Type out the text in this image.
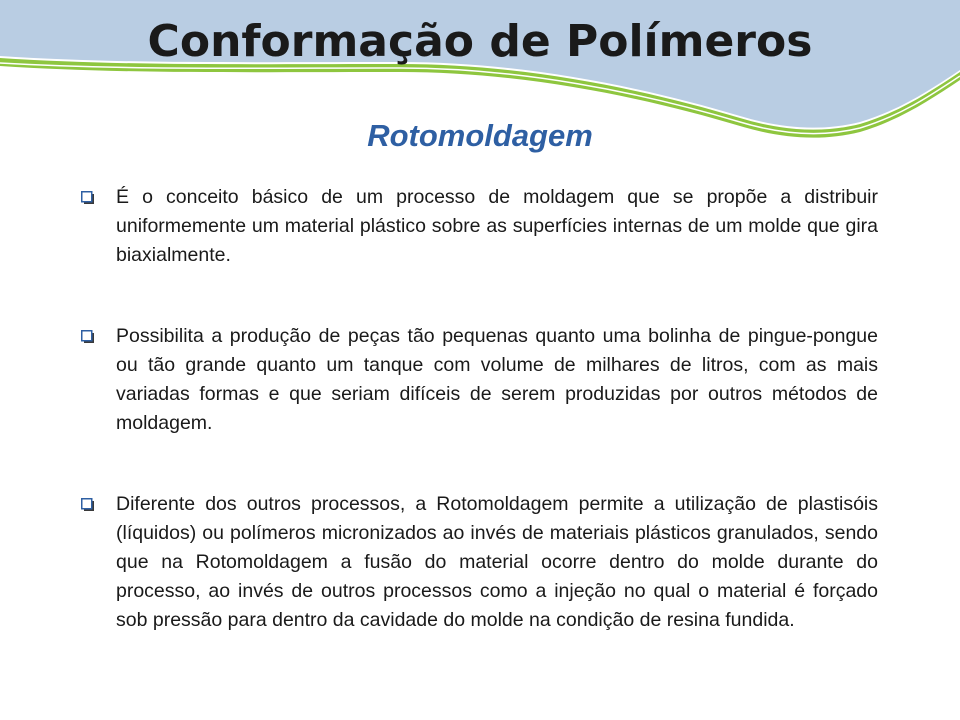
Conformação de Polímeros
Rotomoldagem
É o conceito básico de um processo de moldagem que se propõe a distribuir uniformemente um material plástico sobre as superfícies internas de um molde que gira biaxialmente.
Possibilita a produção de peças tão pequenas quanto uma bolinha de pingue-pongue ou tão grande quanto um tanque com volume de milhares de litros, com as mais variadas formas e que seriam difíceis de serem produzidas por outros métodos de moldagem.
Diferente dos outros processos, a Rotomoldagem permite a utilização de plastisóis (líquidos) ou polímeros micronizados ao invés de materiais plásticos granulados, sendo que na Rotomoldagem a fusão do material ocorre dentro do molde durante do processo, ao invés de outros processos como a injeção no qual o material é forçado sob pressão para dentro da cavidade do molde na condição de resina fundida.
